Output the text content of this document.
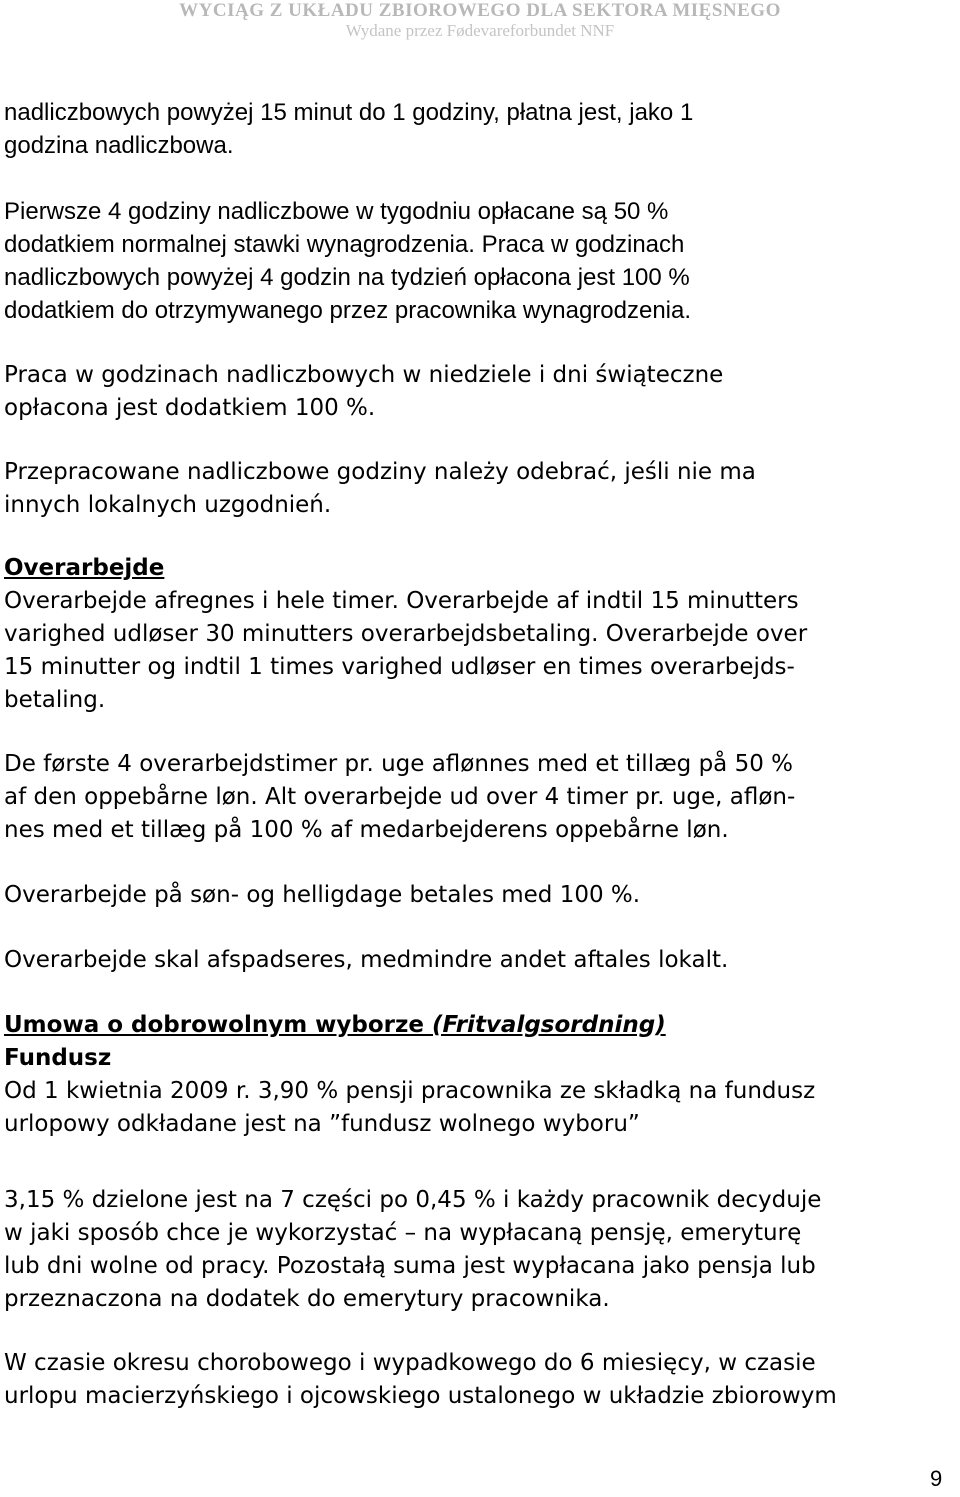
WYCIĄG Z UKŁADU ZBIOROWEGO DLA SEKTORA MIĘSNEGO
Wydane przez Fødevareforbundet NNF

nadliczbowych powyżej 15 minut do 1 godziny, płatna jest, jako 1
godzina nadliczbowa.

Pierwsze 4 godziny nadliczbowe w tygodniu opłacane są 50 %
dodatkiem normalnej stawki wynagrodzenia. Praca w godzinach
nadliczbowych powyżej 4 godzin na tydzień opłacona jest 100 %
dodatkiem do otrzymywanego przez pracownika wynagrodzenia.

Praca w godzinach nadliczbowych w niedziele i dni świąteczne
opłacona jest dodatkiem 100 %.

Przepracowane nadliczbowe godziny należy odebrać, jeśli nie ma
innych lokalnych uzgodnień.

Overarbejde
Overarbejde afregnes i hele timer. Overarbejde af indtil 15 minutters
varighed udløser 30 minutters overarbejdsbetaling. Overarbejde over
15 minutter og indtil 1 times varighed udløser en times overarbejds-
betaling.

De første 4 overarbejdstimer pr. uge aflønnes med et tillæg på 50 %
af den oppebårne løn. Alt overarbejde ud over 4 timer pr. uge, afløn-
nes med et tillæg på 100 % af medarbejderens oppebårne løn.

Overarbejde på søn- og helligdage betales med 100 %.

Overarbejde skal afspadseres, medmindre andet aftales lokalt.

Umowa o dobrowolnym wyborze (Fritvalgsordning)
Fundusz
Od 1 kwietnia 2009 r. 3,90 % pensji pracownika ze składką na fundusz
urlopowy odkładane jest na ”fundusz wolnego wyboru”

3,15 % dzielone jest na 7 części po 0,45 % i każdy pracownik decyduje
w jaki sposób chce je wykorzystać – na wypłacaną pensję, emeryturę
lub dni wolne od pracy. Pozostałą suma jest wypłacana jako pensja lub
przeznaczona na dodatek do emerytury pracownika.

W czasie okresu chorobowego i wypadkowego do 6 miesięcy, w czasie
urlopu macierzyńskiego i ojcowskiego ustalonego w układzie zbiorowym

9
